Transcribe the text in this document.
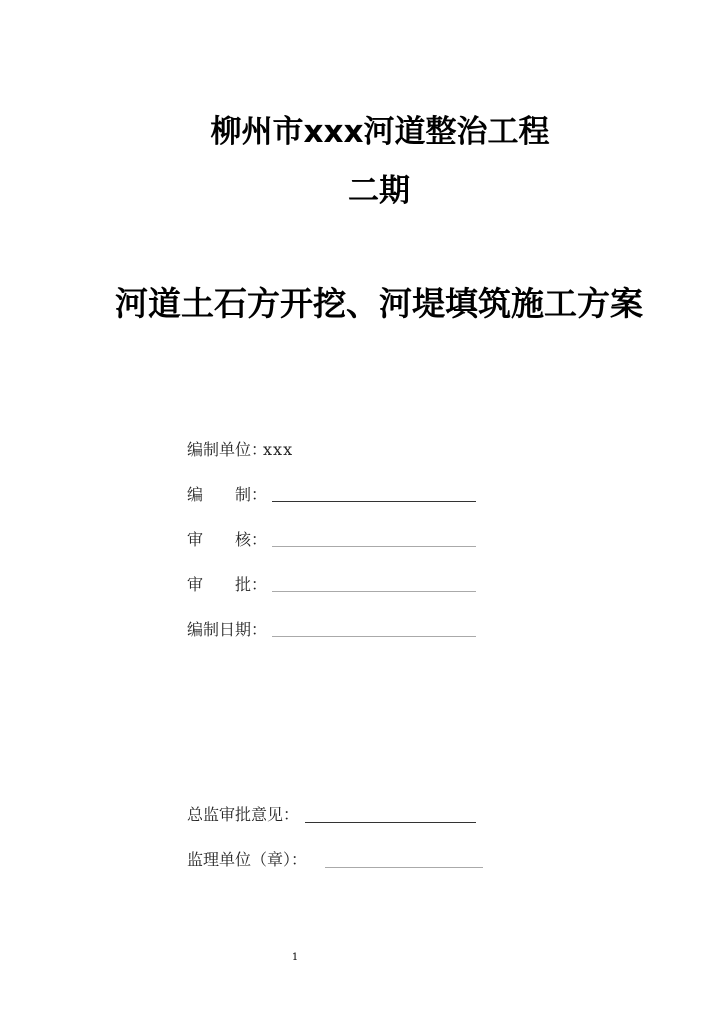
柳州市xxx河道整治工程
二期
河道土石方开挖、河堤填筑施工方案
编制单位：xxx
编 制 ：
审 核 ：
审 批 ：
编制日期：
总监审批意见：
监理单位（章）：
1
